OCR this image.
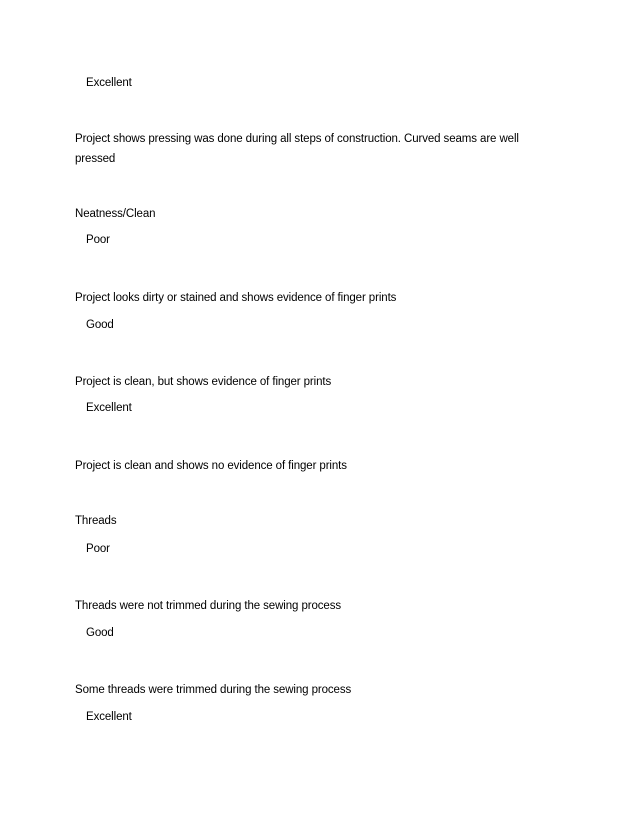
Excellent
Project shows pressing was done during all steps of construction. Curved seams are well pressed
Neatness/Clean
Poor
Project looks dirty or stained and shows evidence of finger prints
Good
Project is clean, but shows evidence of finger prints
Excellent
Project is clean and shows no evidence of finger prints
Threads
Poor
Threads were not trimmed during the sewing process
Good
Some threads were trimmed during the sewing process
Excellent
